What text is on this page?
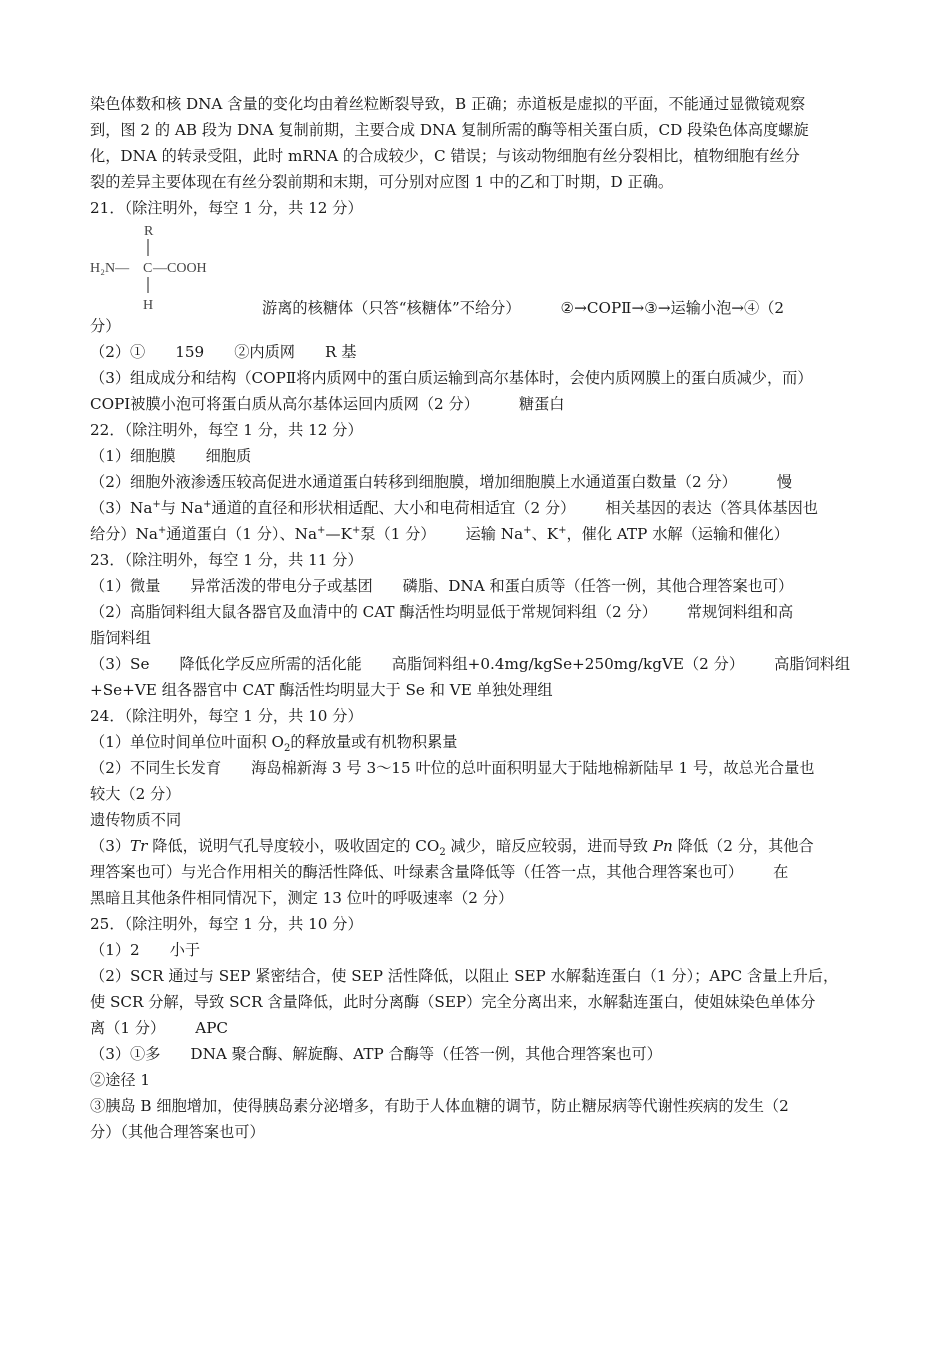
染色体数和核 DNA 含量的变化均由着丝粒断裂导致，B 正确；赤道板是虚拟的平面，不能通过显微镜观察

到，图 2 的 AB 段为 DNA 复制前期，主要合成 DNA 复制所需的酶等相关蛋白质，CD 段染色体高度螺旋

化，DNA 的转录受阻，此时 mRNA 的合成较少，C 错误；与该动物细胞有丝分裂相比，植物细胞有丝分

裂的差异主要体现在有丝分裂前期和末期，可分别对应图 1 中的乙和丁时期，D 正确。

21．（除注明外，每空 1 分，共 12 分）

R
H₂N— C —COOH
H	游离的核糖体（只答“核糖体”不给分）	②→COPⅡ→③→运输小泡→④（2

分）

（2）① 159 ②内质网 R 基

（3）组成成分和结构（COPⅡ将内质网中的蛋白质运输到高尔基体时，会使内质网膜上的蛋白质减少，而）

COPⅠ被膜小泡可将蛋白质从高尔基体运回内质网（2 分）	糖蛋白

22．（除注明外，每空 1 分，共 12 分）

（1）细胞膜 细胞质

（2）细胞外液渗透压较高促进水通道蛋白转移到细胞膜，增加细胞膜上水通道蛋白数量（2 分）	慢

（3）Na+与 Na+通道的直径和形状相适配、大小和电荷相适宜（2 分） 相关基因的表达（答具体基因也

给分）Na+通道蛋白（1 分）、Na+—K+泵（1 分） 运输 Na+、K+，催化 ATP 水解（运输和催化）

23．（除注明外，每空 1 分，共 11 分）

（1）微量 异常活泼的带电分子或基团 磷脂、DNA 和蛋白质等（任答一例，其他合理答案也可）

（2）高脂饲料组大鼠各器官及血清中的 CAT 酶活性均明显低于常规饲料组（2 分） 常规饲料组和高

脂饲料组

（3）Se 降低化学反应所需的活化能 高脂饲料组+0.4mg/kgSe+250mg/kgVE（2 分） 高脂饲料组

+Se+VE 组各器官中 CAT 酶活性均明显大于 Se 和 VE 单独处理组

24．（除注明外，每空 1 分，共 10 分）

（1）单位时间单位叶面积 $O_2$的释放量或有机物积累量

（2）不同生长发育 海岛棉新海 3 号 3～15 叶位的总叶面积明显大于陆地棉新陆早 1 号，故总光合量也

较大（2 分）

遗传物质不同

（3）Tr 降低，说明气孔导度较小，吸收固定的 $CO_2$ 减少，暗反应较弱，进而导致 Pn 降低（2 分，其他合

理答案也可）与光合作用相关的酶活性降低、叶绿素含量降低等（任答一点，其他合理答案也可） 在

黑暗且其他条件相同情况下，测定 13 位叶的呼吸速率（2 分）

25．（除注明外，每空 1 分，共 10 分）

（1）2 小于

（2）SCR 通过与 SEP 紧密结合，使 SEP 活性降低，以阻止 SEP 水解黏连蛋白（1 分）；APC 含量上升后，

使 SCR 分解，导致 SCR 含量降低，此时分离酶（SEP）完全分离出来，水解黏连蛋白，使姐妹染色单体分

离（1 分） APC

（3）①多 DNA 聚合酶、解旋酶、ATP 合酶等（任答一例，其他合理答案也可）

②途径 1

③胰岛 B 细胞增加，使得胰岛素分泌增多，有助于人体血糖的调节，防止糖尿病等代谢性疾病的发生（2

分）（其他合理答案也可）
